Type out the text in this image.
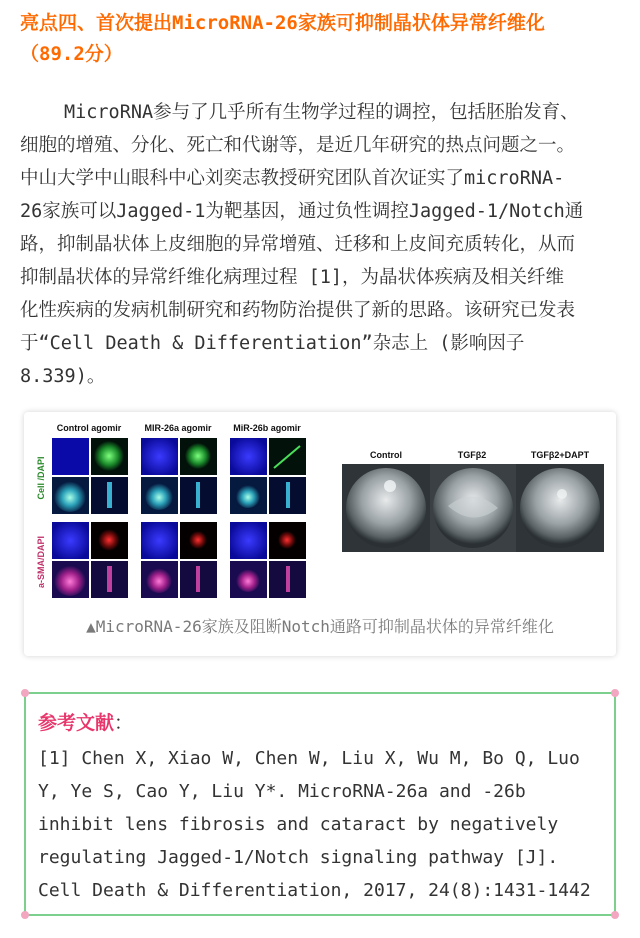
亮点四、首次提出MicroRNA-26家族可抑制晶状体异常纤维化
（89.2分）
MicroRNA参与了几乎所有生物学过程的调控，包括胚胎发育、
细胞的增殖、分化、死亡和代谢等，是近几年研究的热点问题之一。
中山大学中山眼科中心刘奕志教授研究团队首次证实了microRNA-
26家族可以Jagged-1为靶基因，通过负性调控Jagged-1/Notch通
路，抑制晶状体上皮细胞的异常增殖、迁移和上皮间充质转化，从而
抑制晶状体的异常纤维化病理过程 [1]，为晶状体疾病及相关纤维
化性疾病的发病机制研究和药物防治提供了新的思路。该研究已发表
于“Cell Death & Differentiation”杂志上 (影响因子
8.339)。
Cell /DAPI
a-SMA/DAPI
Control agomir	MIR-26a agomir MiR-26b agomir
Control	TGFβ2	TGFβ2+DAPT
▲MicroRNA-26家族及阻断Notch通路可抑制晶状体的异常纤维化
参考文献：
[1] Chen X, Xiao W, Chen W, Liu X, Wu M, Bo Q, Luo
Y, Ye S, Cao Y, Liu Y*. MicroRNA-26a and -26b
inhibit lens fibrosis and cataract by negatively
regulating Jagged-1/Notch signaling pathway [J].
Cell Death & Differentiation, 2017, 24(8):1431-1442
